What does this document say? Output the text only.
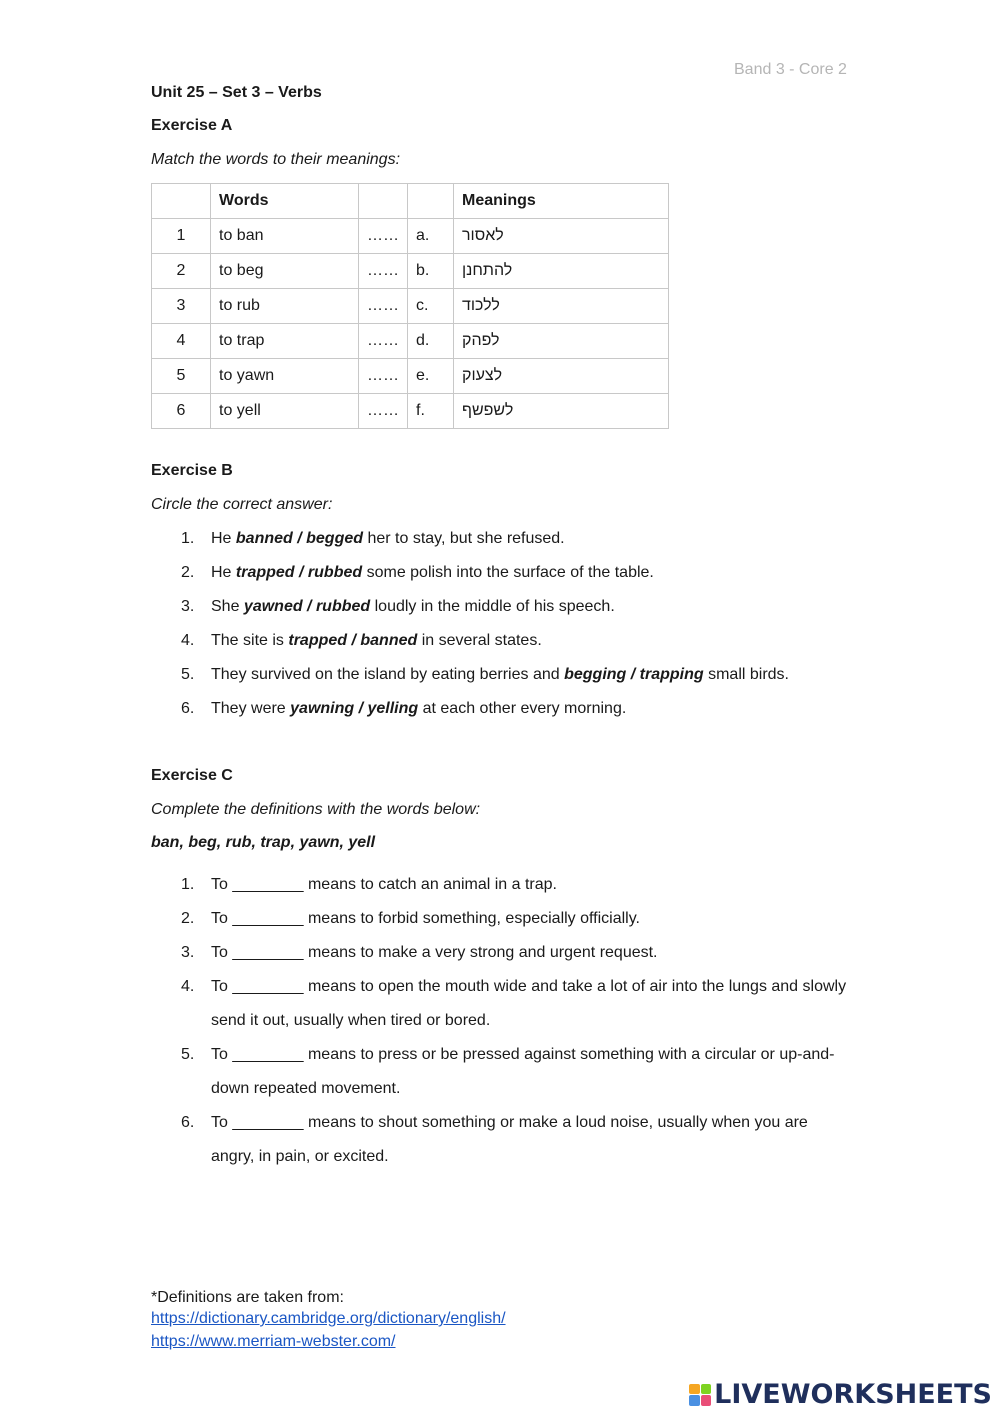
Band 3 - Core 2
Unit 25 – Set 3 – Verbs
Exercise A
Match the words to their meanings:
	Words			Meanings
1	to ban	……	a.	לאסור
2	to beg	……	b.	להתחנן
3	to rub	……	c.	ללכוד
4	to trap	……	d.	לפהק
5	to yawn	……	e.	לצעוק
6	to yell	……	f.	לשפשף
Exercise B
Circle the correct answer:
1. He banned / begged her to stay, but she refused.
2. He trapped / rubbed some polish into the surface of the table.
3. She yawned / rubbed loudly in the middle of his speech.
4. The site is trapped / banned in several states.
5. They survived on the island by eating berries and begging / trapping small birds.
6. They were yawning / yelling at each other every morning.
Exercise C
Complete the definitions with the words below:
ban, beg, rub, trap, yawn, yell
1. To ________ means to catch an animal in a trap.
2. To ________ means to forbid something, especially officially.
3. To ________ means to make a very strong and urgent request.
4. To ________ means to open the mouth wide and take a lot of air into the lungs and slowly send it out, usually when tired or bored.
5. To ________ means to press or be pressed against something with a circular or up-and-down repeated movement.
6. To ________ means to shout something or make a loud noise, usually when you are angry, in pain, or excited.
*Definitions are taken from:
https://dictionary.cambridge.org/dictionary/english/
https://www.merriam-webster.com/
LIVEWORKSHEETS
